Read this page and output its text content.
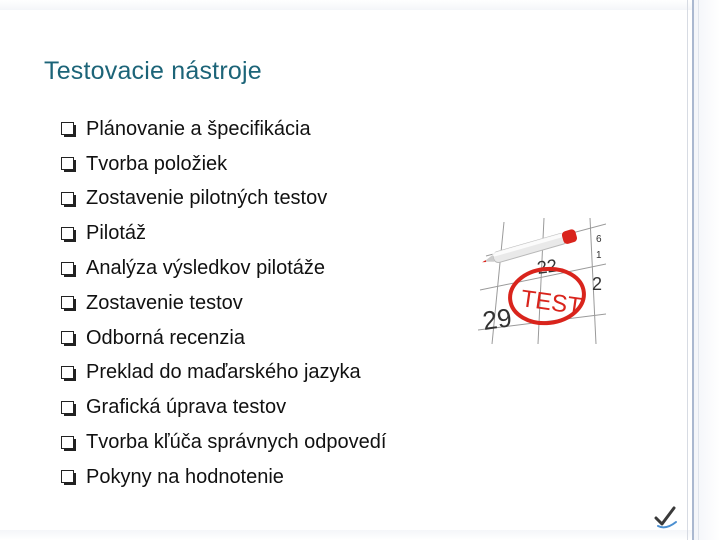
Testovacie nástroje
Plánovanie a špecifikácia
Tvorba položiek
Zostavenie pilotných testov
Pilotáž
Analýza výsledkov pilotáže
Zostavenie testov
Odborná recenzia
Preklad do maďarského jazyka
Grafická úprava testov
Tvorba kľúča správnych odpovedí
Pokyny na hodnotenie
22
29
2
6
1
TEST
